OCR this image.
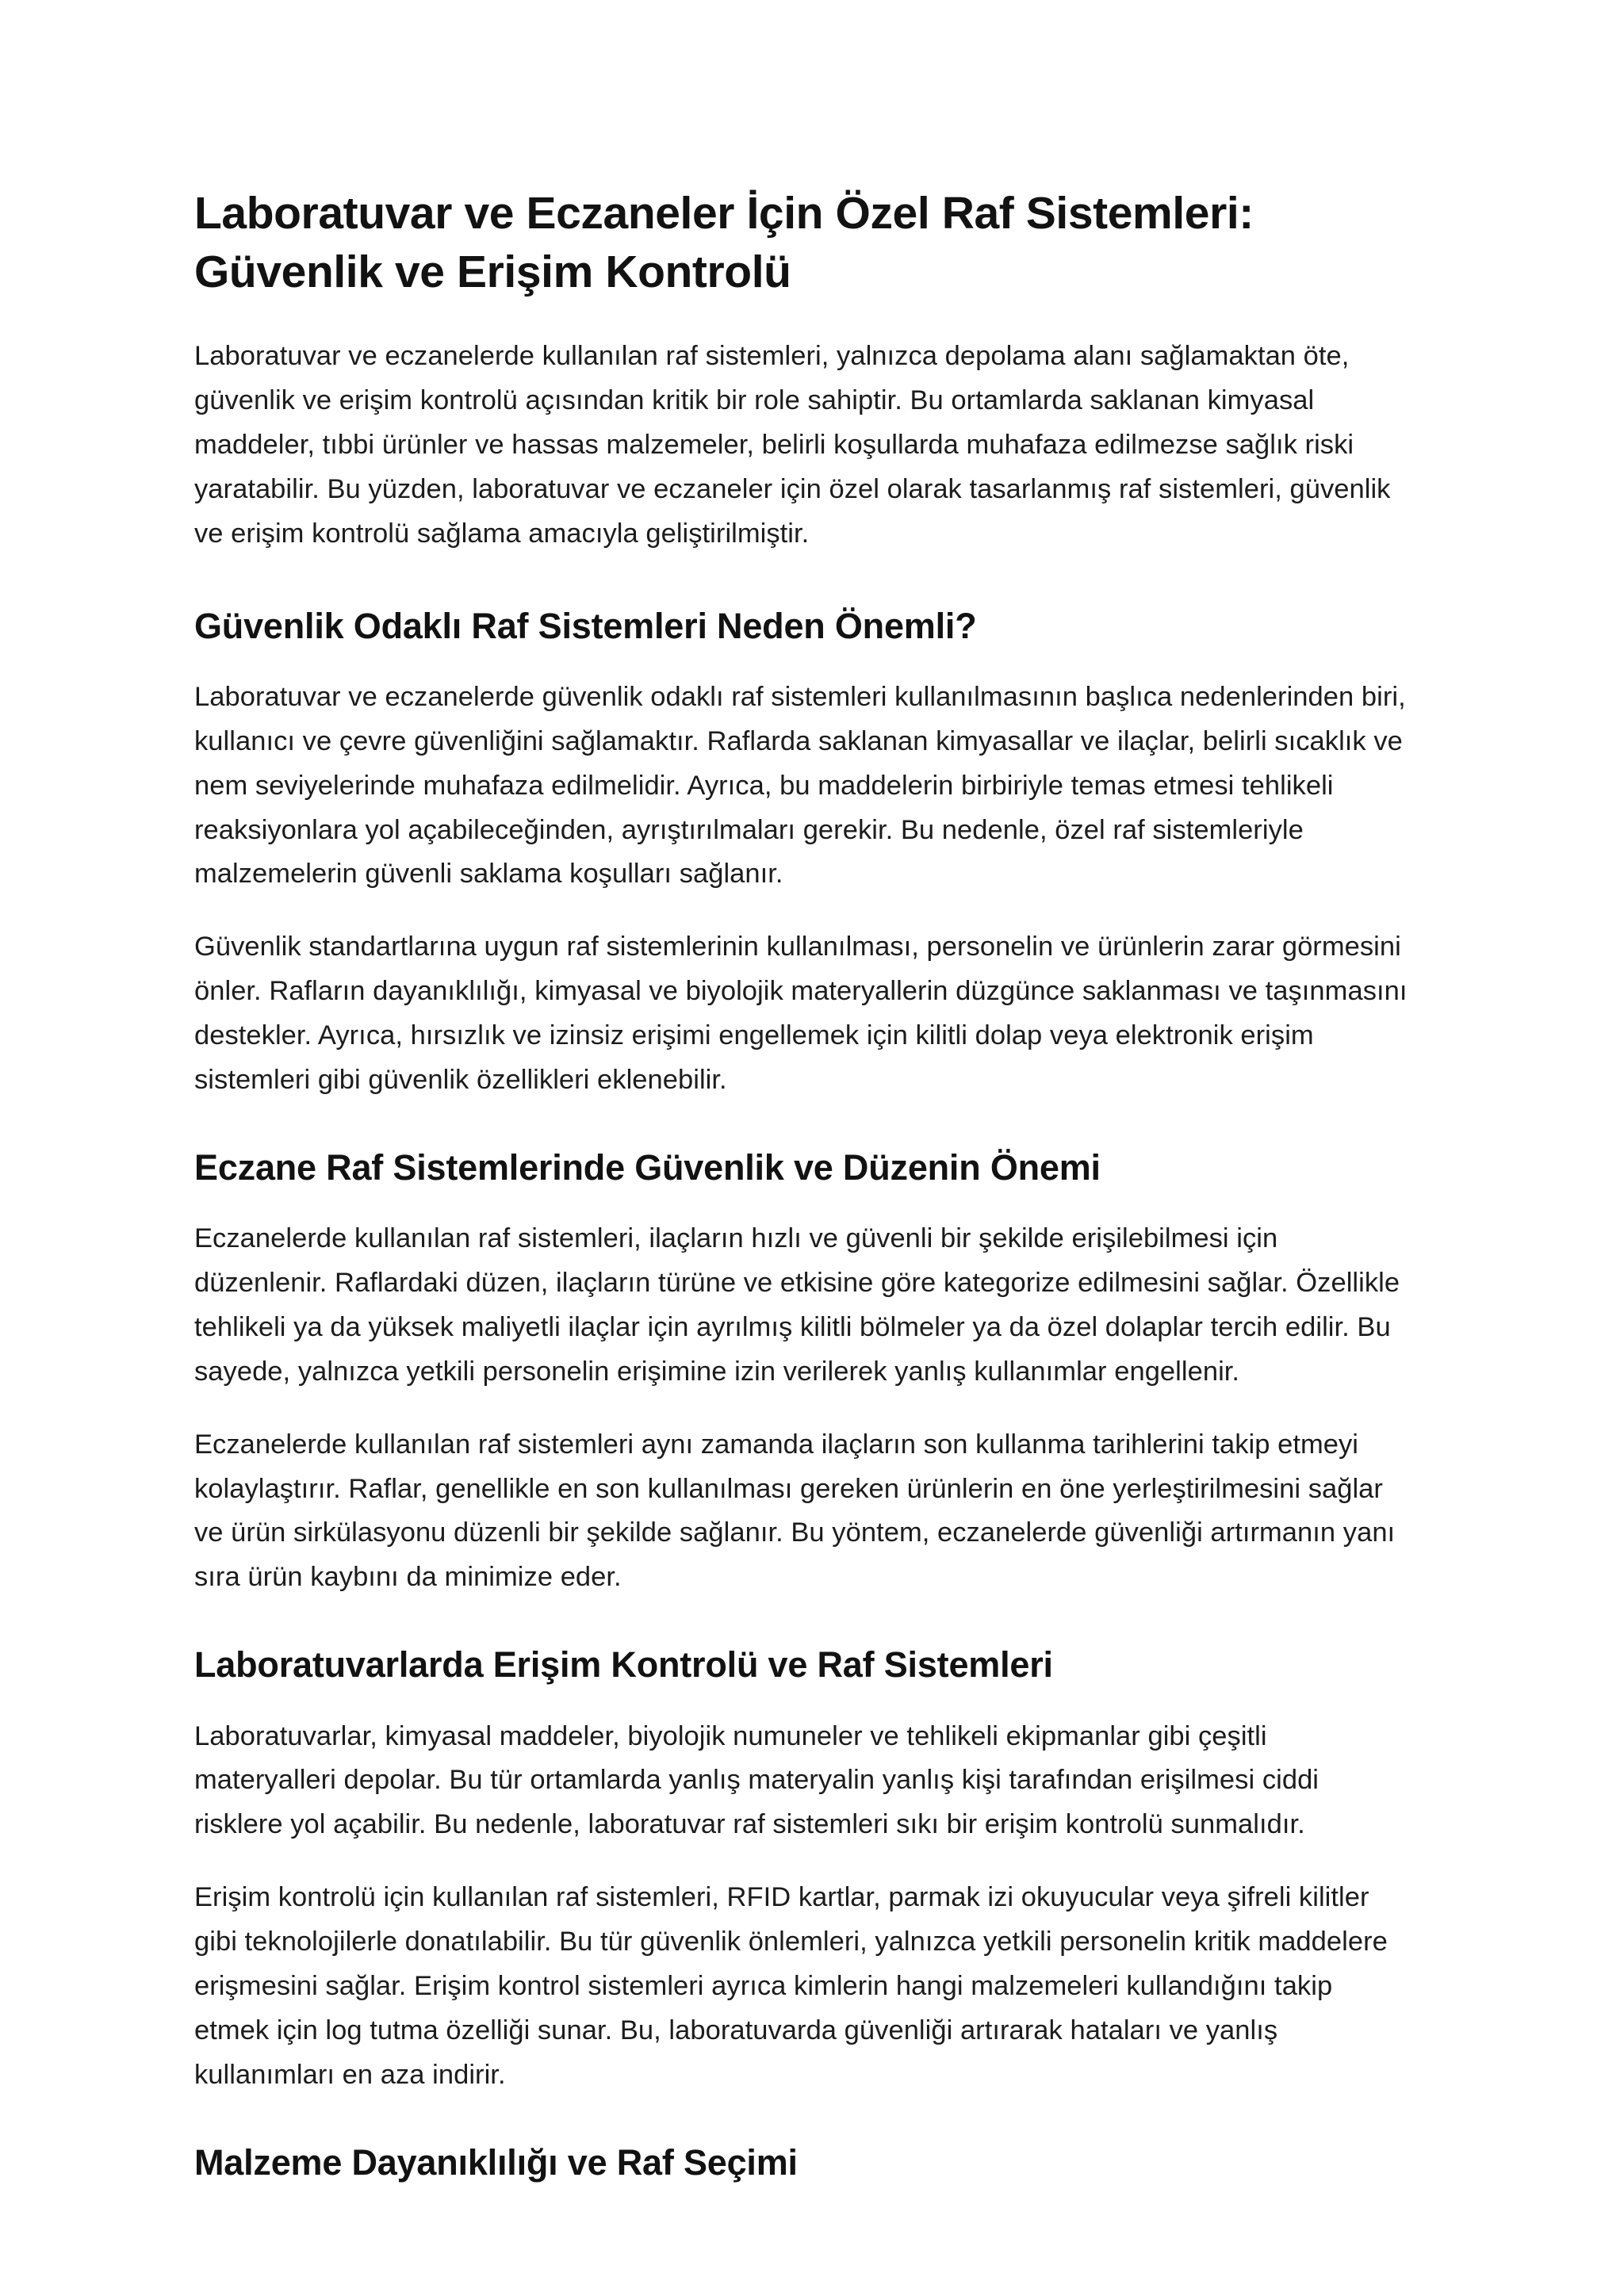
Laboratuvar ve Eczaneler İçin Özel Raf Sistemleri: Güvenlik ve Erişim Kontrolü

Laboratuvar ve eczanelerde kullanılan raf sistemleri, yalnızca depolama alanı sağlamaktan öte, güvenlik ve erişim kontrolü açısından kritik bir role sahiptir. Bu ortamlarda saklanan kimyasal maddeler, tıbbi ürünler ve hassas malzemeler, belirli koşullarda muhafaza edilmezse sağlık riski yaratabilir. Bu yüzden, laboratuvar ve eczaneler için özel olarak tasarlanmış raf sistemleri, güvenlik ve erişim kontrolü sağlama amacıyla geliştirilmiştir.

Güvenlik Odaklı Raf Sistemleri Neden Önemli?

Laboratuvar ve eczanelerde güvenlik odaklı raf sistemleri kullanılmasının başlıca nedenlerinden biri, kullanıcı ve çevre güvenliğini sağlamaktır. Raflarda saklanan kimyasallar ve ilaçlar, belirli sıcaklık ve nem seviyelerinde muhafaza edilmelidir. Ayrıca, bu maddelerin birbiriyle temas etmesi tehlikeli reaksiyonlara yol açabileceğinden, ayrıştırılmaları gerekir. Bu nedenle, özel raf sistemleriyle malzemelerin güvenli saklama koşulları sağlanır.

Güvenlik standartlarına uygun raf sistemlerinin kullanılması, personelin ve ürünlerin zarar görmesini önler. Rafların dayanıklılığı, kimyasal ve biyolojik materyallerin düzgünce saklanması ve taşınmasını destekler. Ayrıca, hırsızlık ve izinsiz erişimi engellemek için kilitli dolap veya elektronik erişim sistemleri gibi güvenlik özellikleri eklenebilir.

Eczane Raf Sistemlerinde Güvenlik ve Düzenin Önemi

Eczanelerde kullanılan raf sistemleri, ilaçların hızlı ve güvenli bir şekilde erişilebilmesi için düzenlenir. Raflardaki düzen, ilaçların türüne ve etkisine göre kategorize edilmesini sağlar. Özellikle tehlikeli ya da yüksek maliyetli ilaçlar için ayrılmış kilitli bölmeler ya da özel dolaplar tercih edilir. Bu sayede, yalnızca yetkili personelin erişimine izin verilerek yanlış kullanımlar engellenir.

Eczanelerde kullanılan raf sistemleri aynı zamanda ilaçların son kullanma tarihlerini takip etmeyi kolaylaştırır. Raflar, genellikle en son kullanılması gereken ürünlerin en öne yerleştirilmesini sağlar ve ürün sirkülasyonu düzenli bir şekilde sağlanır. Bu yöntem, eczanelerde güvenliği artırmanın yanı sıra ürün kaybını da minimize eder.

Laboratuvarlarda Erişim Kontrolü ve Raf Sistemleri

Laboratuvarlar, kimyasal maddeler, biyolojik numuneler ve tehlikeli ekipmanlar gibi çeşitli materyalleri depolar. Bu tür ortamlarda yanlış materyalin yanlış kişi tarafından erişilmesi ciddi risklere yol açabilir. Bu nedenle, laboratuvar raf sistemleri sıkı bir erişim kontrolü sunmalıdır.

Erişim kontrolü için kullanılan raf sistemleri, RFID kartlar, parmak izi okuyucular veya şifreli kilitler gibi teknolojilerle donatılabilir. Bu tür güvenlik önlemleri, yalnızca yetkili personelin kritik maddelere erişmesini sağlar. Erişim kontrol sistemleri ayrıca kimlerin hangi malzemeleri kullandığını takip etmek için log tutma özelliği sunar. Bu, laboratuvarda güvenliği artırarak hataları ve yanlış kullanımları en aza indirir.

Malzeme Dayanıklılığı ve Raf Seçimi
